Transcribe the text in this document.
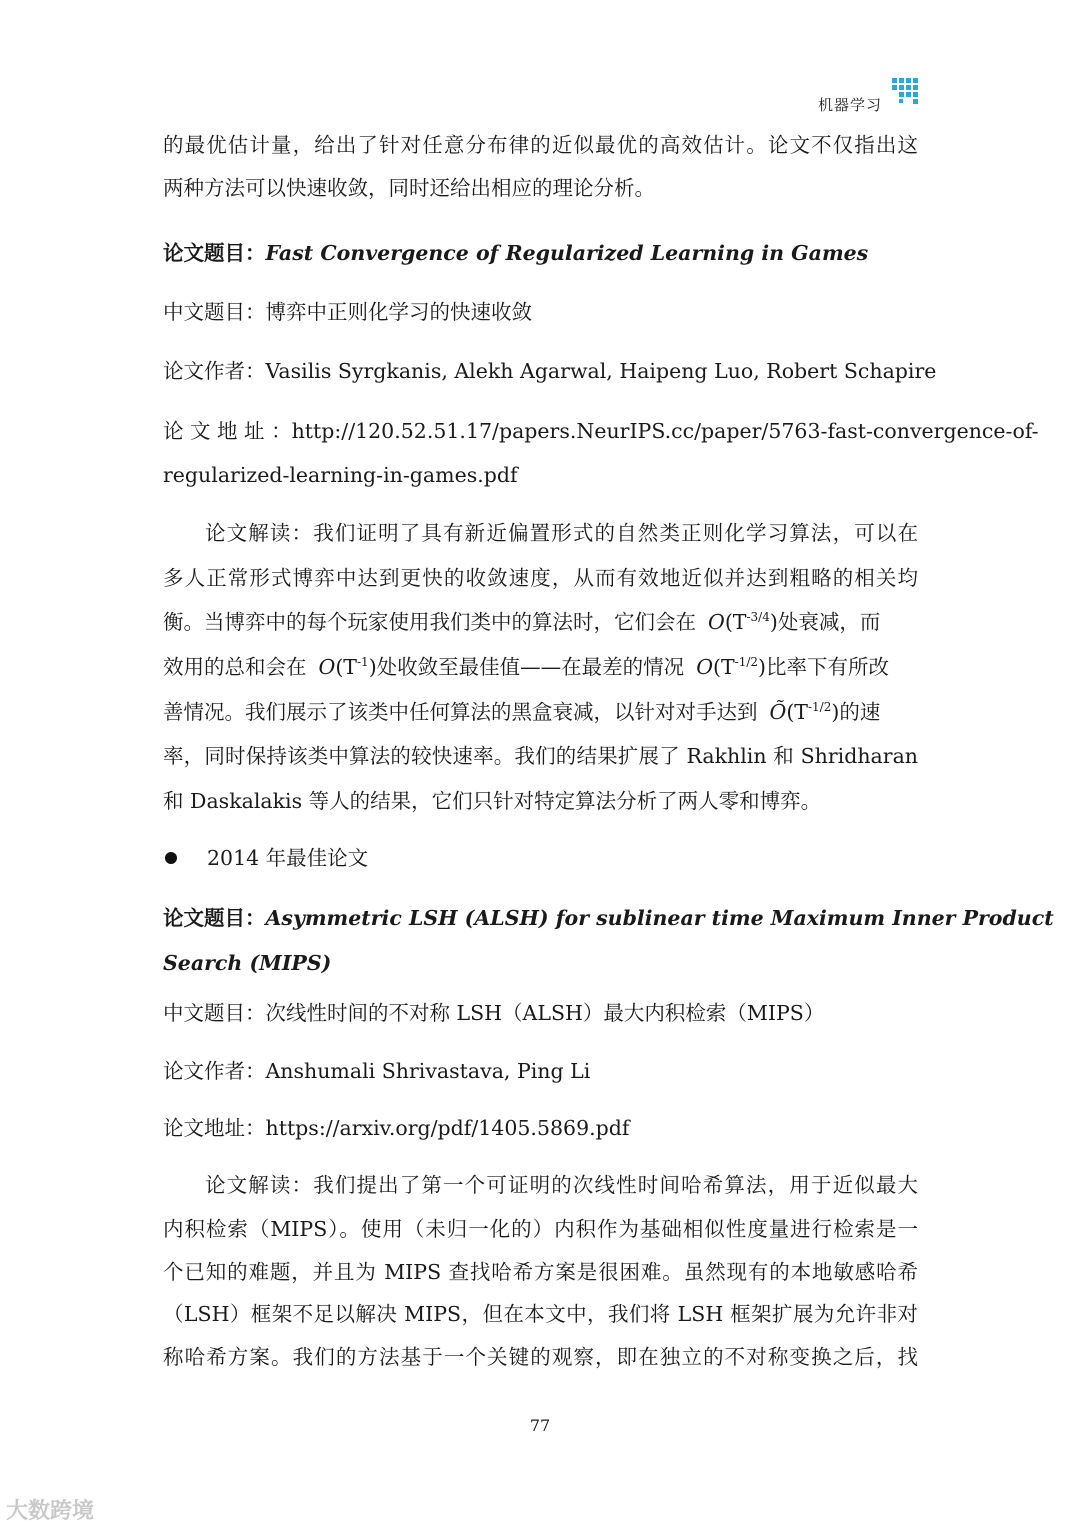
机器学习
的最优估计量，给出了针对任意分布律的近似最优的高效估计。论文不仅指出这
两种方法可以快速收敛，同时还给出相应的理论分析。
论文题目：Fast Convergence of Regularized Learning in Games
中文题目：博弈中正则化学习的快速收敛
论文作者：Vasilis Syrgkanis, Alekh Agarwal, Haipeng Luo, Robert Schapire
论 文 地 址 ：http://120.52.51.17/papers.NeurIPS.cc/paper/5763-fast-convergence-of-
regularized-learning-in-games.pdf
论文解读：我们证明了具有新近偏置形式的自然类正则化学习算法，可以在
多人正常形式博弈中达到更快的收敛速度，从而有效地近似并达到粗略的相关均
衡。当博弈中的每个玩家使用我们类中的算法时，它们会在 $O(T^{-3/4})$处衰减，而
效用的总和会在 $O(T^{-1})$处收敛至最佳值——在最差的情况 $O(T^{-1/2})$比率下有所改
善情况。我们展示了该类中任何算法的黑盒衰减，以针对对手达到 $Õ(T^{-1/2})$的速
率，同时保持该类中算法的较快速率。我们的结果扩展了 Rakhlin 和 Shridharan
和 Daskalakis 等人的结果，它们只针对特定算法分析了两人零和博弈。
2014 年最佳论文
论文题目：Asymmetric LSH (ALSH) for sublinear time Maximum Inner Product
Search (MIPS)
中文题目：次线性时间的不对称 LSH（ALSH）最大内积检索（MIPS）
论文作者：Anshumali Shrivastava, Ping Li
论文地址：https://arxiv.org/pdf/1405.5869.pdf
论文解读：我们提出了第一个可证明的次线性时间哈希算法，用于近似最大
内积检索（MIPS）。使用（未归一化的）内积作为基础相似性度量进行检索是一
个已知的难题，并且为 MIPS 查找哈希方案是很困难。虽然现有的本地敏感哈希
（LSH）框架不足以解决 MIPS，但在本文中，我们将 LSH 框架扩展为允许非对
称哈希方案。我们的方法基于一个关键的观察，即在独立的不对称变换之后，找
77
大数跨境
